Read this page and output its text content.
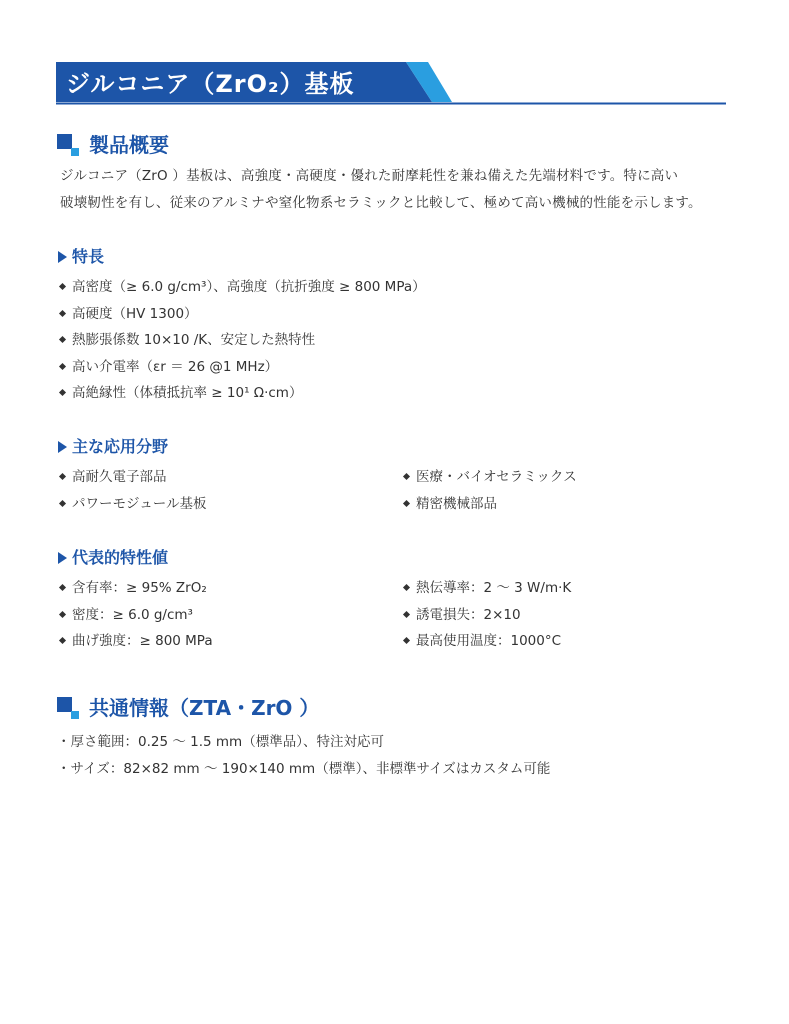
ジルコニア（ZrO₂）基板
製品概要
ジルコニア（ZrO ）基板は、高強度・高硬度・優れた耐摩耗性を兼ね備えた先端材料です。特に高い
破壊靭性を有し、従来のアルミナや窒化物系セラミックと比較して、極めて高い機械的性能を示します。
特長
高密度（≥ 6.0 g/cm³）、高強度（抗折強度 ≥ 800 MPa）
高硬度（HV 1300）
熱膨張係数 10×10 /K、安定した熱特性
高い介電率（εr ＝ 26 @1 MHz）
高絶縁性（体積抵抗率 ≥ 10¹ Ω·cm）
主な応用分野
高耐久電子部品
パワーモジュール基板
医療・バイオセラミックス
精密機械部品
代表的特性値
含有率：≥ 95% ZrO₂
密度：≥ 6.0 g/cm³
曲げ強度：≥ 800 MPa
熱伝導率：2 ～ 3 W/m·K
誘電損失：2×10
最高使用温度：1000°C
共通情報（ZTA・ZrO ）
・厚さ範囲：0.25 ～ 1.5 mm（標準品）、特注対応可
・サイズ：82×82 mm ～ 190×140 mm（標準）、非標準サイズはカスタム可能
